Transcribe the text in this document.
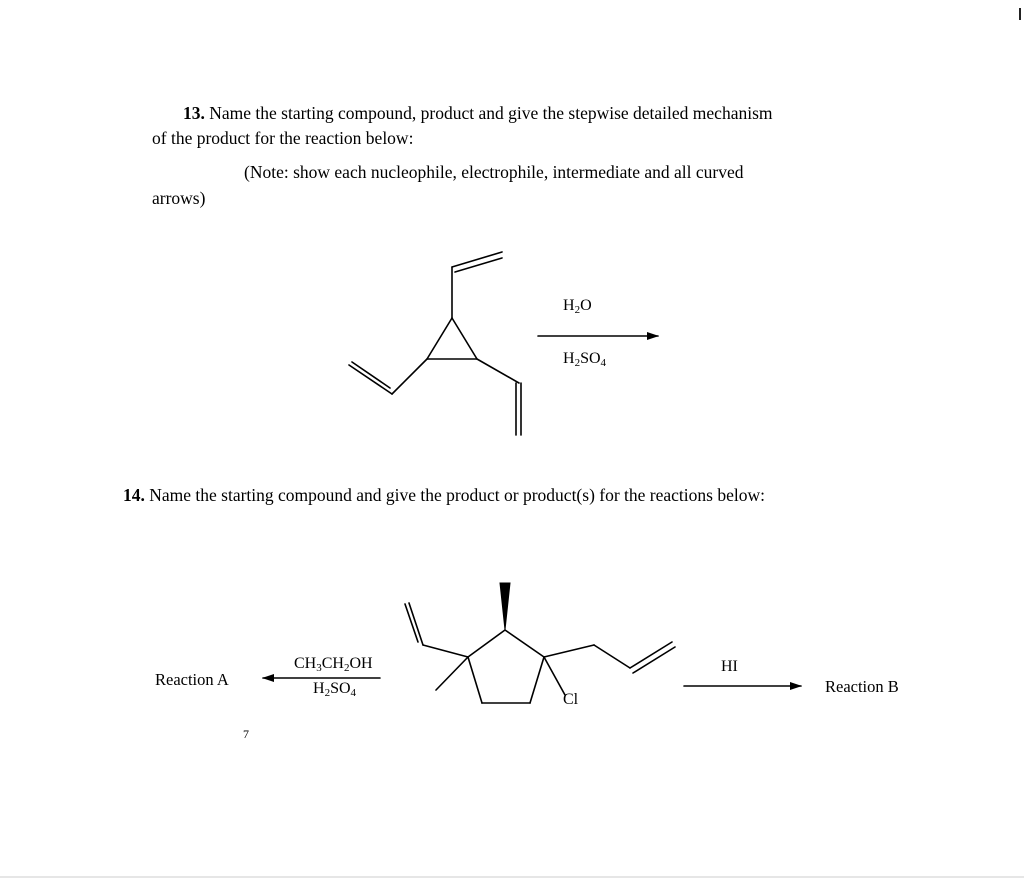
13. Name the starting compound, product and give the stepwise detailed mechanism
of the product for the reaction below:
(Note: show each nucleophile, electrophile, intermediate and all curved
arrows)
$H_2O$
$H_2SO_4$
14. Name the starting compound and give the product or product(s) for the reactions below:
Reaction A
$CH_3CH_2OH$
$H_2SO_4$	Cl
HI
Reaction B
7
